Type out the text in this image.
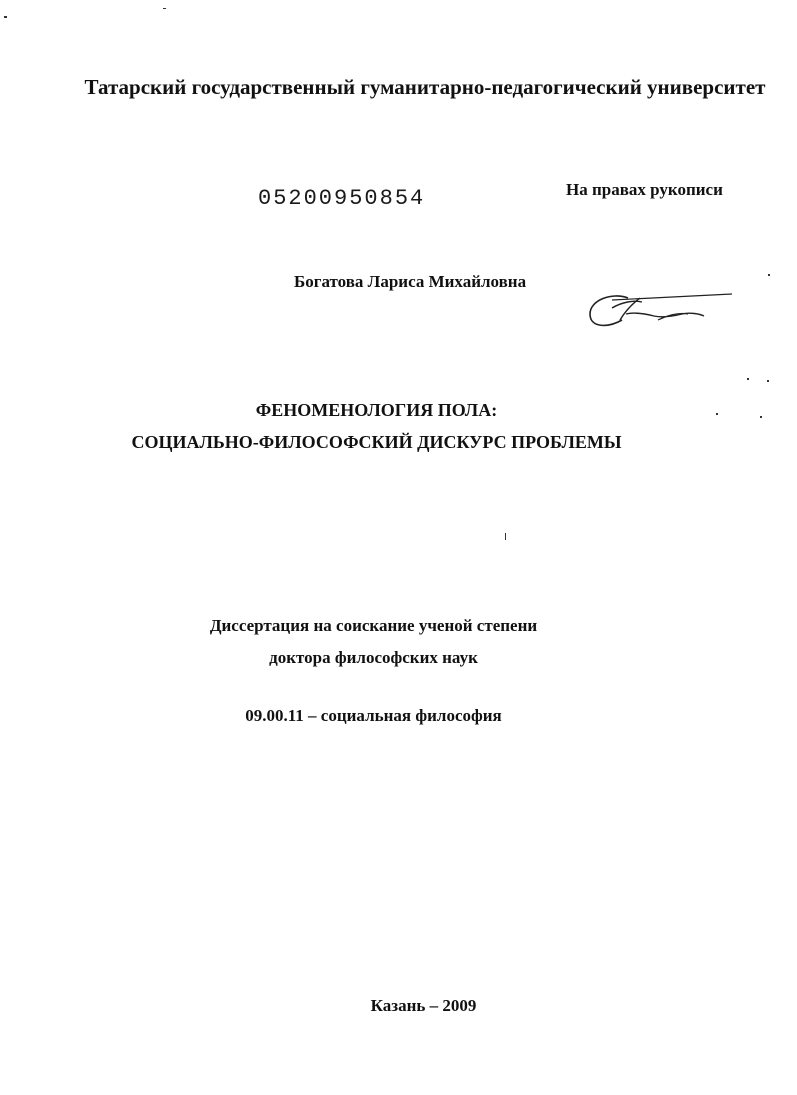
Татарский государственный гуманитарно-педагогический университет
05200950854	На правах рукописи
Богатова Лариса Михайловна
ФЕНОМЕНОЛОГИЯ ПОЛА:
СОЦИАЛЬНО-ФИЛОСОФСКИЙ ДИСКУРС ПРОБЛЕМЫ
Диссертация на соискание ученой степени
доктора философских наук
09.00.11 – социальная философия
Казань – 2009
